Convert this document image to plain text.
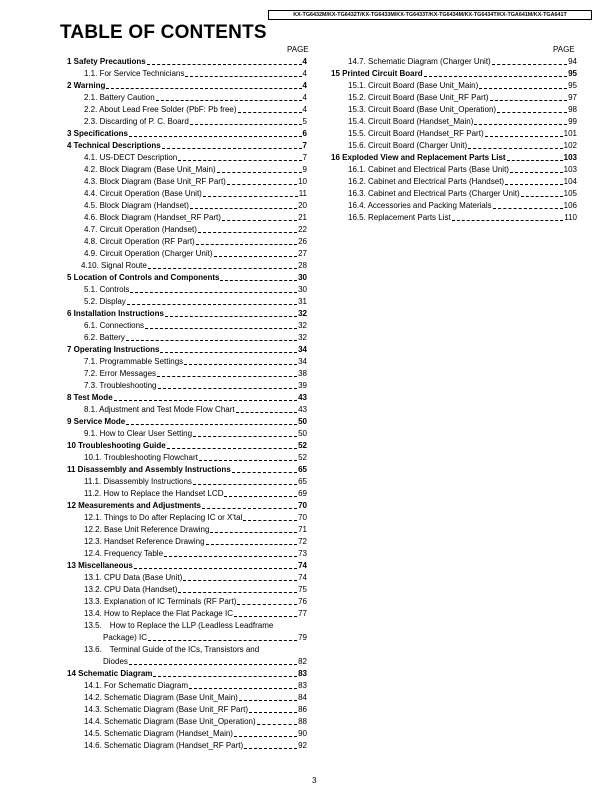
KX-TG6432M/KX-TG6432T/KX-TG6433M/KX-TG6433T/KX-TG6434M/KX-TG6434T/KX-TGA641M/KX-TGA641T
TABLE OF CONTENTS
PAGE	PAGE
1 Safety Precautions	4
1.1. For Service Technicians	4
2 Warning	4
2.1. Battery Caution	4
2.2. About Lead Free Solder (PbF: Pb free)	4
2.3. Discarding of P. C. Board	5
3 Specifications	6
4 Technical Descriptions	7
4.1. US-DECT Description	7
4.2. Block Diagram (Base Unit_Main)	9
4.3. Block Diagram (Base Unit_RF Part)	10
4.4. Circuit Operation (Base Unit)	11
4.5. Block Diagram (Handset)	20
4.6. Block Diagram (Handset_RF Part)	21
4.7. Circuit Operation (Handset)	22
4.8. Circuit Operation (RF Part)	26
4.9. Circuit Operation (Charger Unit)	27
4.10. Signal Route	28
5 Location of Controls and Components	30
5.1. Controls	30
5.2. Display	31
6 Installation Instructions	32
6.1. Connections	32
6.2. Battery	32
7 Operating Instructions	34
7.1. Programmable Settings	34
7.2. Error Messages	38
7.3. Troubleshooting	39
8 Test Mode	43
8.1. Adjustment and Test Mode Flow Chart	43
9 Service Mode	50
9.1. How to Clear User Setting	50
10 Troubleshooting Guide	52
10.1. Troubleshooting Flowchart	52
11 Disassembly and Assembly Instructions	65
11.1. Disassembly Instructions	65
11.2. How to Replace the Handset LCD	69
12 Measurements and Adjustments	70
12.1. Things to Do after Replacing IC or X'tal	70
12.2. Base Unit Reference Drawing	71
12.3. Handset Reference Drawing	72
12.4. Frequency Table	73
13 Miscellaneous	74
13.1. CPU Data (Base Unit)	74
13.2. CPU Data (Handset)	75
13.3. Explanation of IC Terminals (RF Part)	76
13.4. How to Replace the Flat Package IC	77
13.5. How to Replace the LLP (Leadless Leadframe
Package) IC	79
13.6. Terminal Guide of the ICs, Transistors and
Diodes	82
14 Schematic Diagram	83
14.1. For Schematic Diagram	83
14.2. Schematic Diagram (Base Unit_Main)	84
14.3. Schematic Diagram (Base Unit_RF Part)	86
14.4. Schematic Diagram (Base Unit_Operation)	88
14.5. Schematic Diagram (Handset_Main)	90
14.6. Schematic Diagram (Handset_RF Part)	92
14.7. Schematic Diagram (Charger Unit)	94
15 Printed Circuit Board	95
15.1. Circuit Board (Base Unit_Main)	95
15.2. Circuit Board (Base Unit_RF Part)	97
15.3. Circuit Board (Base Unit_Operation)	98
15.4. Circuit Board (Handset_Main)	99
15.5. Circuit Board (Handset_RF Part)	101
15.6. Circuit Board (Charger Unit)	102
16 Exploded View and Replacement Parts List	103
16.1. Cabinet and Electrical Parts (Base Unit)	103
16.2. Cabinet and Electrical Parts (Handset)	104
16.3. Cabinet and Electrical Parts (Charger Unit)	105
16.4. Accessories and Packing Materials	106
16.5. Replacement Parts List	110
3
